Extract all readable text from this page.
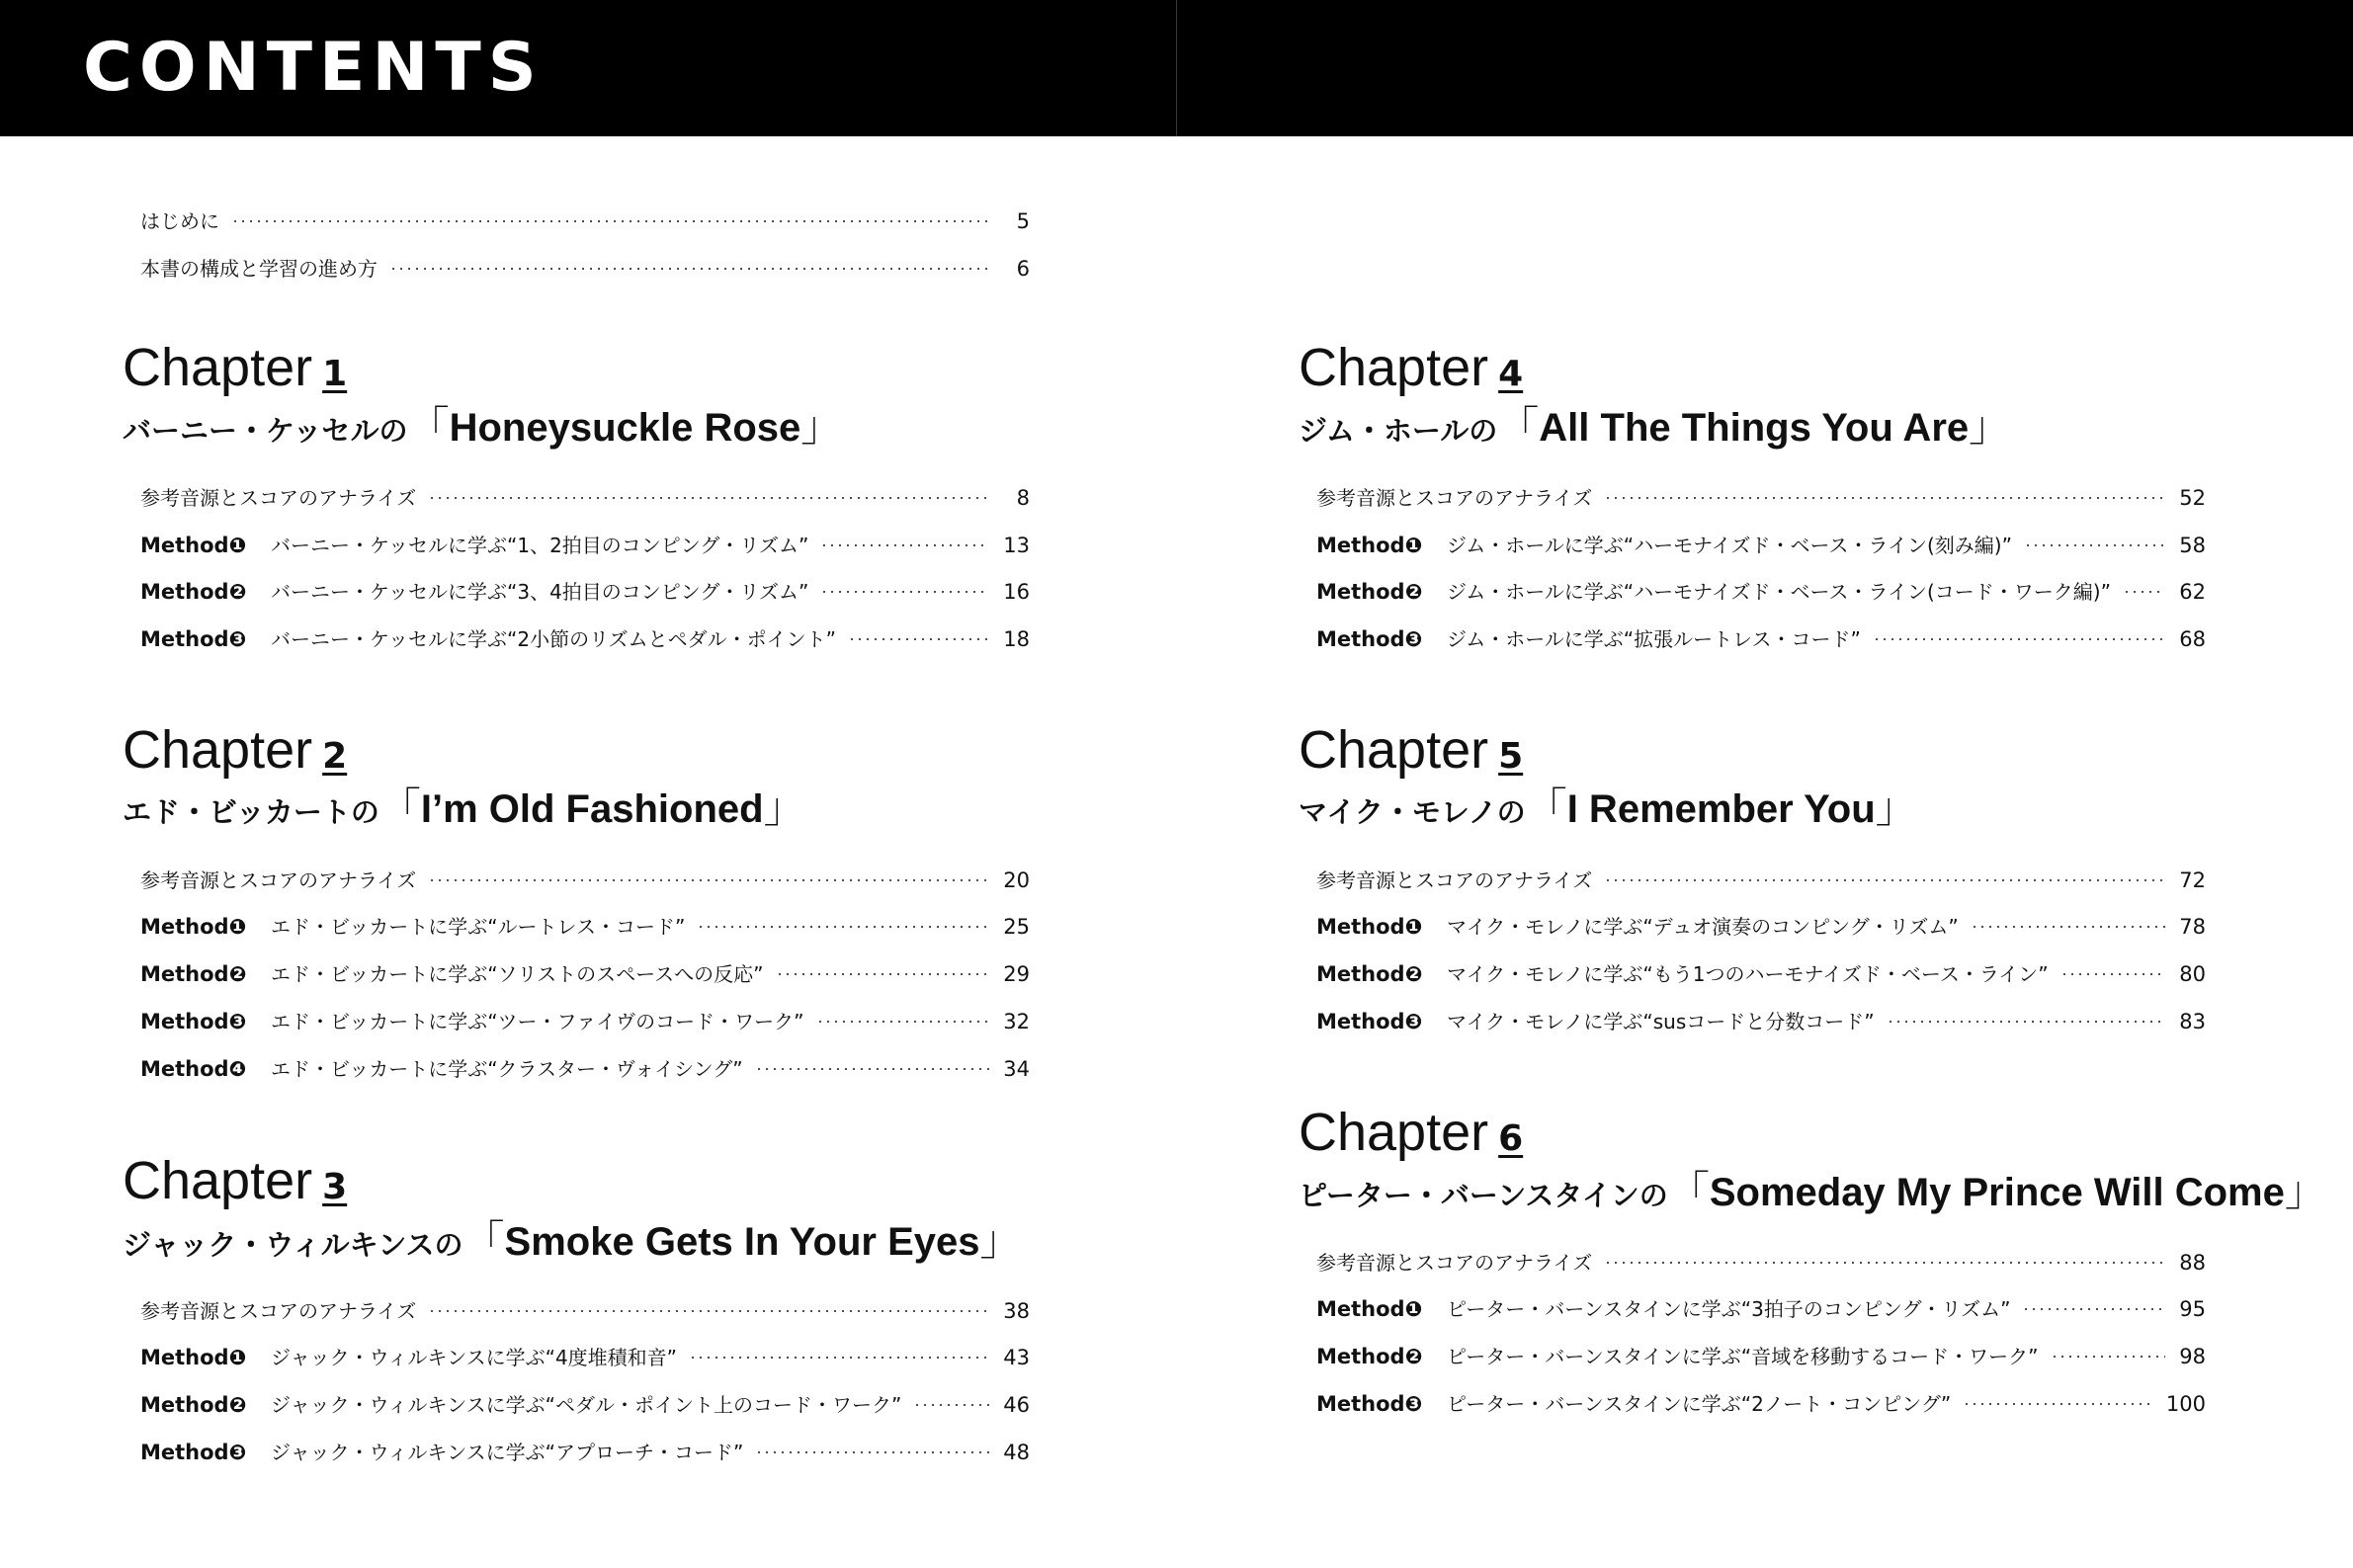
CONTENTS
はじめに	5
本書の構成と学習の進め方	6
Chapter 1
バーニー・ケッセルの 「 Honeysuckle Rose 」
参考音源とスコアのアナライズ	8
Method❶	バーニー・ケッセルに学ぶ“1、2拍目のコンピング・リズム”	13
Method❷	バーニー・ケッセルに学ぶ“3、4拍目のコンピング・リズム”	16
Method❸	バーニー・ケッセルに学ぶ“2小節のリズムとペダル・ポイント”	18
Chapter 2
エド・ビッカートの 「 I’m Old Fashioned 」
参考音源とスコアのアナライズ	20
Method❶	エド・ビッカートに学ぶ“ルートレス・コード”	25
Method❷	エド・ビッカートに学ぶ“ソリストのスペースへの反応”	29
Method❸	エド・ビッカートに学ぶ“ツー・ファイヴのコード・ワーク”	32
Method❹	エド・ビッカートに学ぶ“クラスター・ヴォイシング”	34
Chapter 3
ジャック・ウィルキンスの 「 Smoke Gets In Your Eyes 」
参考音源とスコアのアナライズ	38
Method❶	ジャック・ウィルキンスに学ぶ“4度堆積和音”	43
Method❷	ジャック・ウィルキンスに学ぶ“ペダル・ポイント上のコード・ワーク”	46
Method❸	ジャック・ウィルキンスに学ぶ“アプローチ・コード”	48
Chapter 4
ジム・ホールの 「 All The Things You Are 」
参考音源とスコアのアナライズ	52
Method❶	ジム・ホールに学ぶ“ハーモナイズド・ベース・ライン(刻み編)”	58
Method❷	ジム・ホールに学ぶ“ハーモナイズド・ベース・ライン(コード・ワーク編)”	62
Method❸	ジム・ホールに学ぶ“拡張ルートレス・コード”	68
Chapter 5
マイク・モレノの 「 I Remember You 」
参考音源とスコアのアナライズ	72
Method❶	マイク・モレノに学ぶ“デュオ演奏のコンピング・リズム”	78
Method❷	マイク・モレノに学ぶ“もう1つのハーモナイズド・ベース・ライン”	80
Method❸	マイク・モレノに学ぶ“susコードと分数コード”	83
Chapter 6
ピーター・バーンスタインの 「 Someday My Prince Will Come 」
参考音源とスコアのアナライズ	88
Method❶	ピーター・バーンスタインに学ぶ“3拍子のコンピング・リズム”	95
Method❷	ピーター・バーンスタインに学ぶ“音域を移動するコード・ワーク”	98
Method❸	ピーター・バーンスタインに学ぶ“2ノート・コンピング”	100
